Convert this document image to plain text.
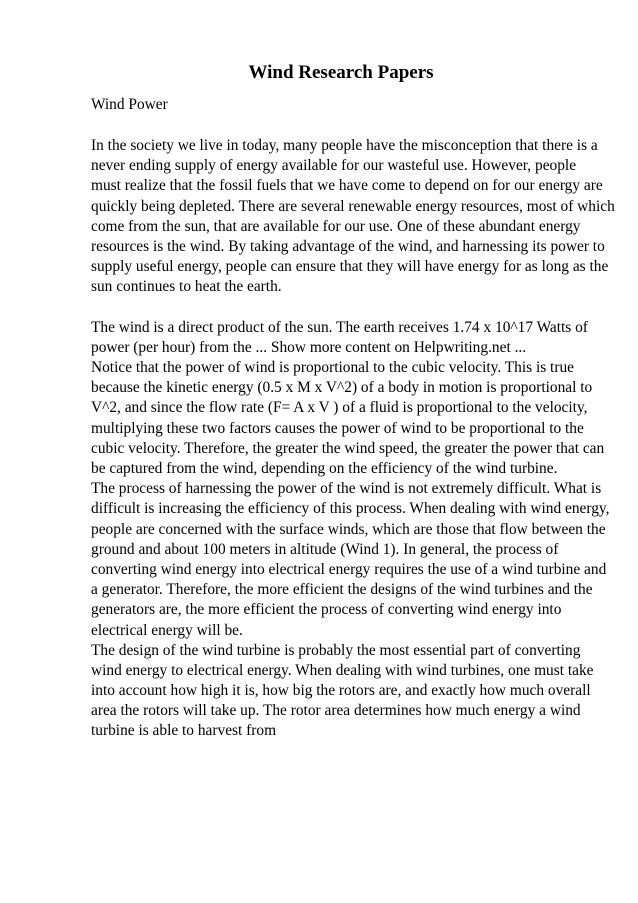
Wind Research Papers

Wind Power

In the society we live in today, many people have the misconception that there is a
never ending supply of energy available for our wasteful use. However, people
must realize that the fossil fuels that we have come to depend on for our energy are
quickly being depleted. There are several renewable energy resources, most of which
come from the sun, that are available for our use. One of these abundant energy
resources is the wind. By taking advantage of the wind, and harnessing its power to
supply useful energy, people can ensure that they will have energy for as long as the
sun continues to heat the earth.
The wind is a direct product of the sun. The earth receives 1.74 x 10^17 Watts of
power (per hour) from the ... Show more content on Helpwriting.net ...
Notice that the power of wind is proportional to the cubic velocity. This is true
because the kinetic energy (0.5 x M x V^2) of a body in motion is proportional to
V^2, and since the flow rate (F= A x V ) of a fluid is proportional to the velocity,
multiplying these two factors causes the power of wind to be proportional to the
cubic velocity. Therefore, the greater the wind speed, the greater the power that can
be captured from the wind, depending on the efficiency of the wind turbine.
The process of harnessing the power of the wind is not extremely difficult. What is
difficult is increasing the efficiency of this process. When dealing with wind energy,
people are concerned with the surface winds, which are those that flow between the
ground and about 100 meters in altitude (Wind 1). In general, the process of
converting wind energy into electrical energy requires the use of a wind turbine and
a generator. Therefore, the more efficient the designs of the wind turbines and the
generators are, the more efficient the process of converting wind energy into
electrical energy will be.
The design of the wind turbine is probably the most essential part of converting
wind energy to electrical energy. When dealing with wind turbines, one must take
into account how high it is, how big the rotors are, and exactly how much overall
area the rotors will take up. The rotor area determines how much energy a wind
turbine is able to harvest from
